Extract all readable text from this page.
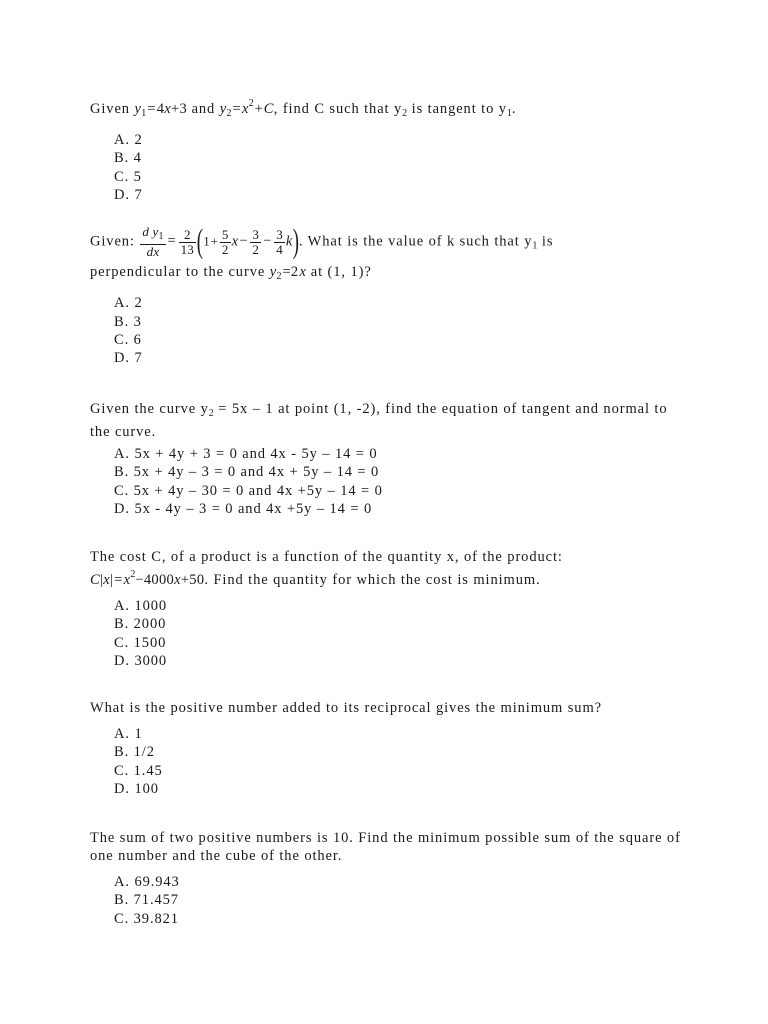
Given $y_1=4x+3$ and $y_2=x^2+C$, find C such that $y_2$ is tangent to $y_1$.
A. 2
B. 4
C. 5
D. 7
Given: $\frac{d y_1}{dx} = \frac{2}{13} (1+ \frac{5}{2} x- \frac{3}{2} - \frac{3}{4} k)$. What is the value of k such that $y_1$ is
perpendicular to the curve $y_2=2x$ at (1, 1)?
A. 2
B. 3
C. 6
D. 7
Given the curve $y_2 = 5x - 1$ at point (1, -2), find the equation of tangent and normal to the curve.
A. 5x + 4y + 3 = 0 and 4x - 5y – 14 = 0
B. 5x + 4y – 3 = 0 and 4x + 5y – 14 = 0
C. 5x + 4y – 30 = 0 and 4x +5y – 14 = 0
D. 5x - 4y – 3 = 0 and 4x +5y – 14 = 0
The cost C, of a product is a function of the quantity x, of the product:
$C|x|=x^2-4000x+50$. Find the quantity for which the cost is minimum.
A. 1000
B. 2000
C. 1500
D. 3000
What is the positive number added to its reciprocal gives the minimum sum?
A. 1
B. 1/2
C. 1.45
D. 100
The sum of two positive numbers is 10. Find the minimum possible sum of the square of one number and the cube of the other.
A. 69.943
B. 71.457
C. 39.821
